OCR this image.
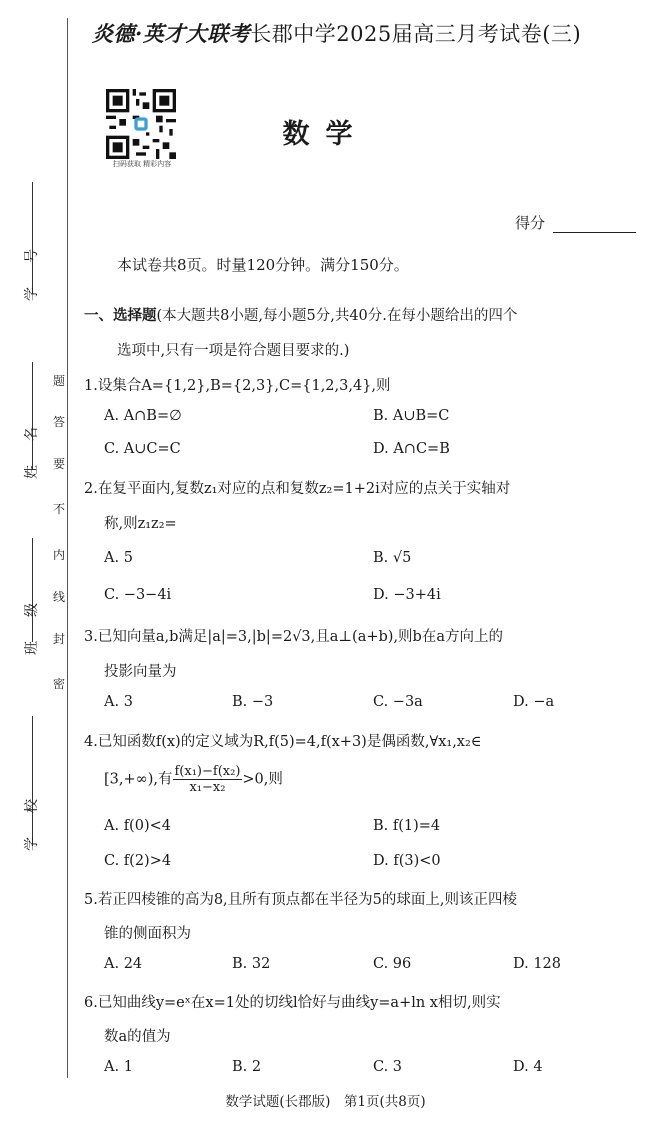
炎德·英才大联考长郡中学2025届高三月考试卷(三)
扫码获取 精彩内容
数学
得分
本试卷共8页。时量120分钟。满分150分。
号
学
名
姓
级
班
校
学
题
答
要
不
内
线
封
密
一、选择题(本大题共8小题,每小题5分,共40分.在每小题给出的四个
选项中,只有一项是符合题目要求的.)
1.设集合A={1,2},B={2,3},C={1,2,3,4},则
A. A∩B=∅	B. A∪B=C
C. A∪C=C	D. A∩C=B
2.在复平面内,复数z₁对应的点和复数z₂=1+2i对应的点关于实轴对
称,则z₁z₂=
A. 5	B. √5
C. −3−4i	D. −3+4i
3.已知向量a,b满足|a|=3,|b|=2√3,且a⊥(a+b),则b在a方向上的
投影向量为
A. 3	B. −3	C. −3a	D. −a
4.已知函数f(x)的定义域为R,f(5)=4,f(x+3)是偶函数,∀x₁,x₂∈
[3,+∞),有 $\frac{\text{f(x₁)−f(x₂)}}{\text{x₁−x₂}} >0$,则
A. f(0)<4	B. f(1)=4
C. f(2)>4	D. f(3)<0
5.若正四棱锥的高为8,且所有顶点都在半径为5的球面上,则该正四棱
锥的侧面积为
A. 24	B. 32	C. 96	D. 128
6.已知曲线y=eˣ在x=1处的切线l恰好与曲线y=a+ln x相切,则实
数a的值为
A. 1	B. 2	C. 3	D. 4
数学试题(长郡版)　第1页(共8页)
